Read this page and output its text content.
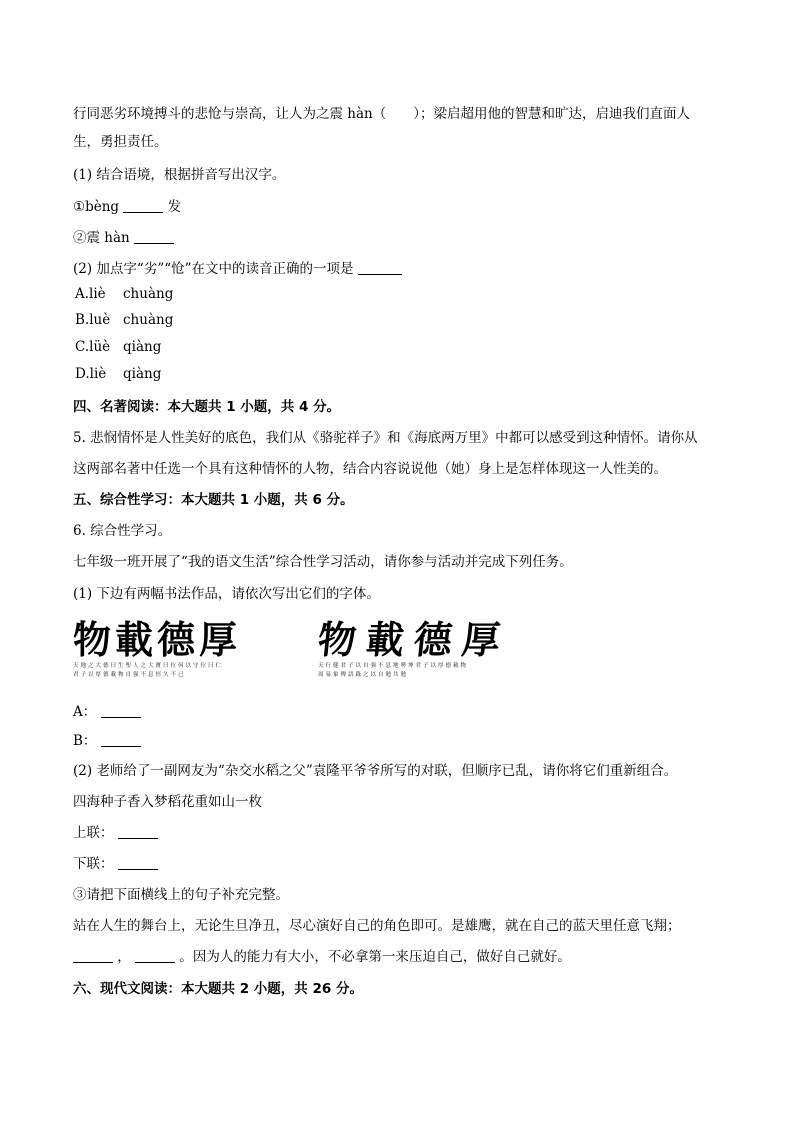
行同恶劣环境搏斗的悲怆与崇高，让人为之震 hàn（　　）；梁启超用他的智慧和旷达，启迪我们直面人
生，勇担责任。
(1) 结合语境，根据拼音写出汉字。
①bèng	发
②震 hàn
(2) 加点字“劣”“怆”在文中的读音正确的一项是
A.liè chuàng
B.luè chuàng
C.lüè qiàng
D.liè qiàng
四、名著阅读：本大题共 1 小题，共 4 分。
5. 悲悯情怀是人性美好的底色，我们从《骆驼祥子》和《海底两万里》中都可以感受到这种情怀。请你从
这两部名著中任选一个具有这种情怀的人物，结合内容说说他（她）身上是怎样体现这一人性美的。
五、综合性学习：本大题共 1 小题，共 6 分。
6. 综合性学习。
七年级一班开展了“我的语文生活”综合性学习活动，请你参与活动并完成下列任务。
(1) 下边有两幅书法作品，请依次写出它们的字体。
物載德厚
天地之大德曰生聖人之大寶曰位何以守位曰仁
君子以厚德載物自强不息恒久不已
物載德厚
天行健君子以自强不息地勢坤君子以厚德載物
周易象傳語錄之以自勉共勉
A：
B：
(2) 老师给了一副网友为“杂交水稻之父”袁隆平爷爷所写的对联，但顺序已乱，请你将它们重新组合。
四海种子香入梦稻花重如山一枚
上联：
下联：
③请把下面横线上的句子补充完整。
站在人生的舞台上，无论生旦净丑，尽心演好自己的角色即可。是雄鹰，就在自己的蓝天里任意飞翔；
，	。因为人的能力有大小，不必拿第一来压迫自己，做好自己就好。
六、现代文阅读：本大题共 2 小题，共 26 分。
